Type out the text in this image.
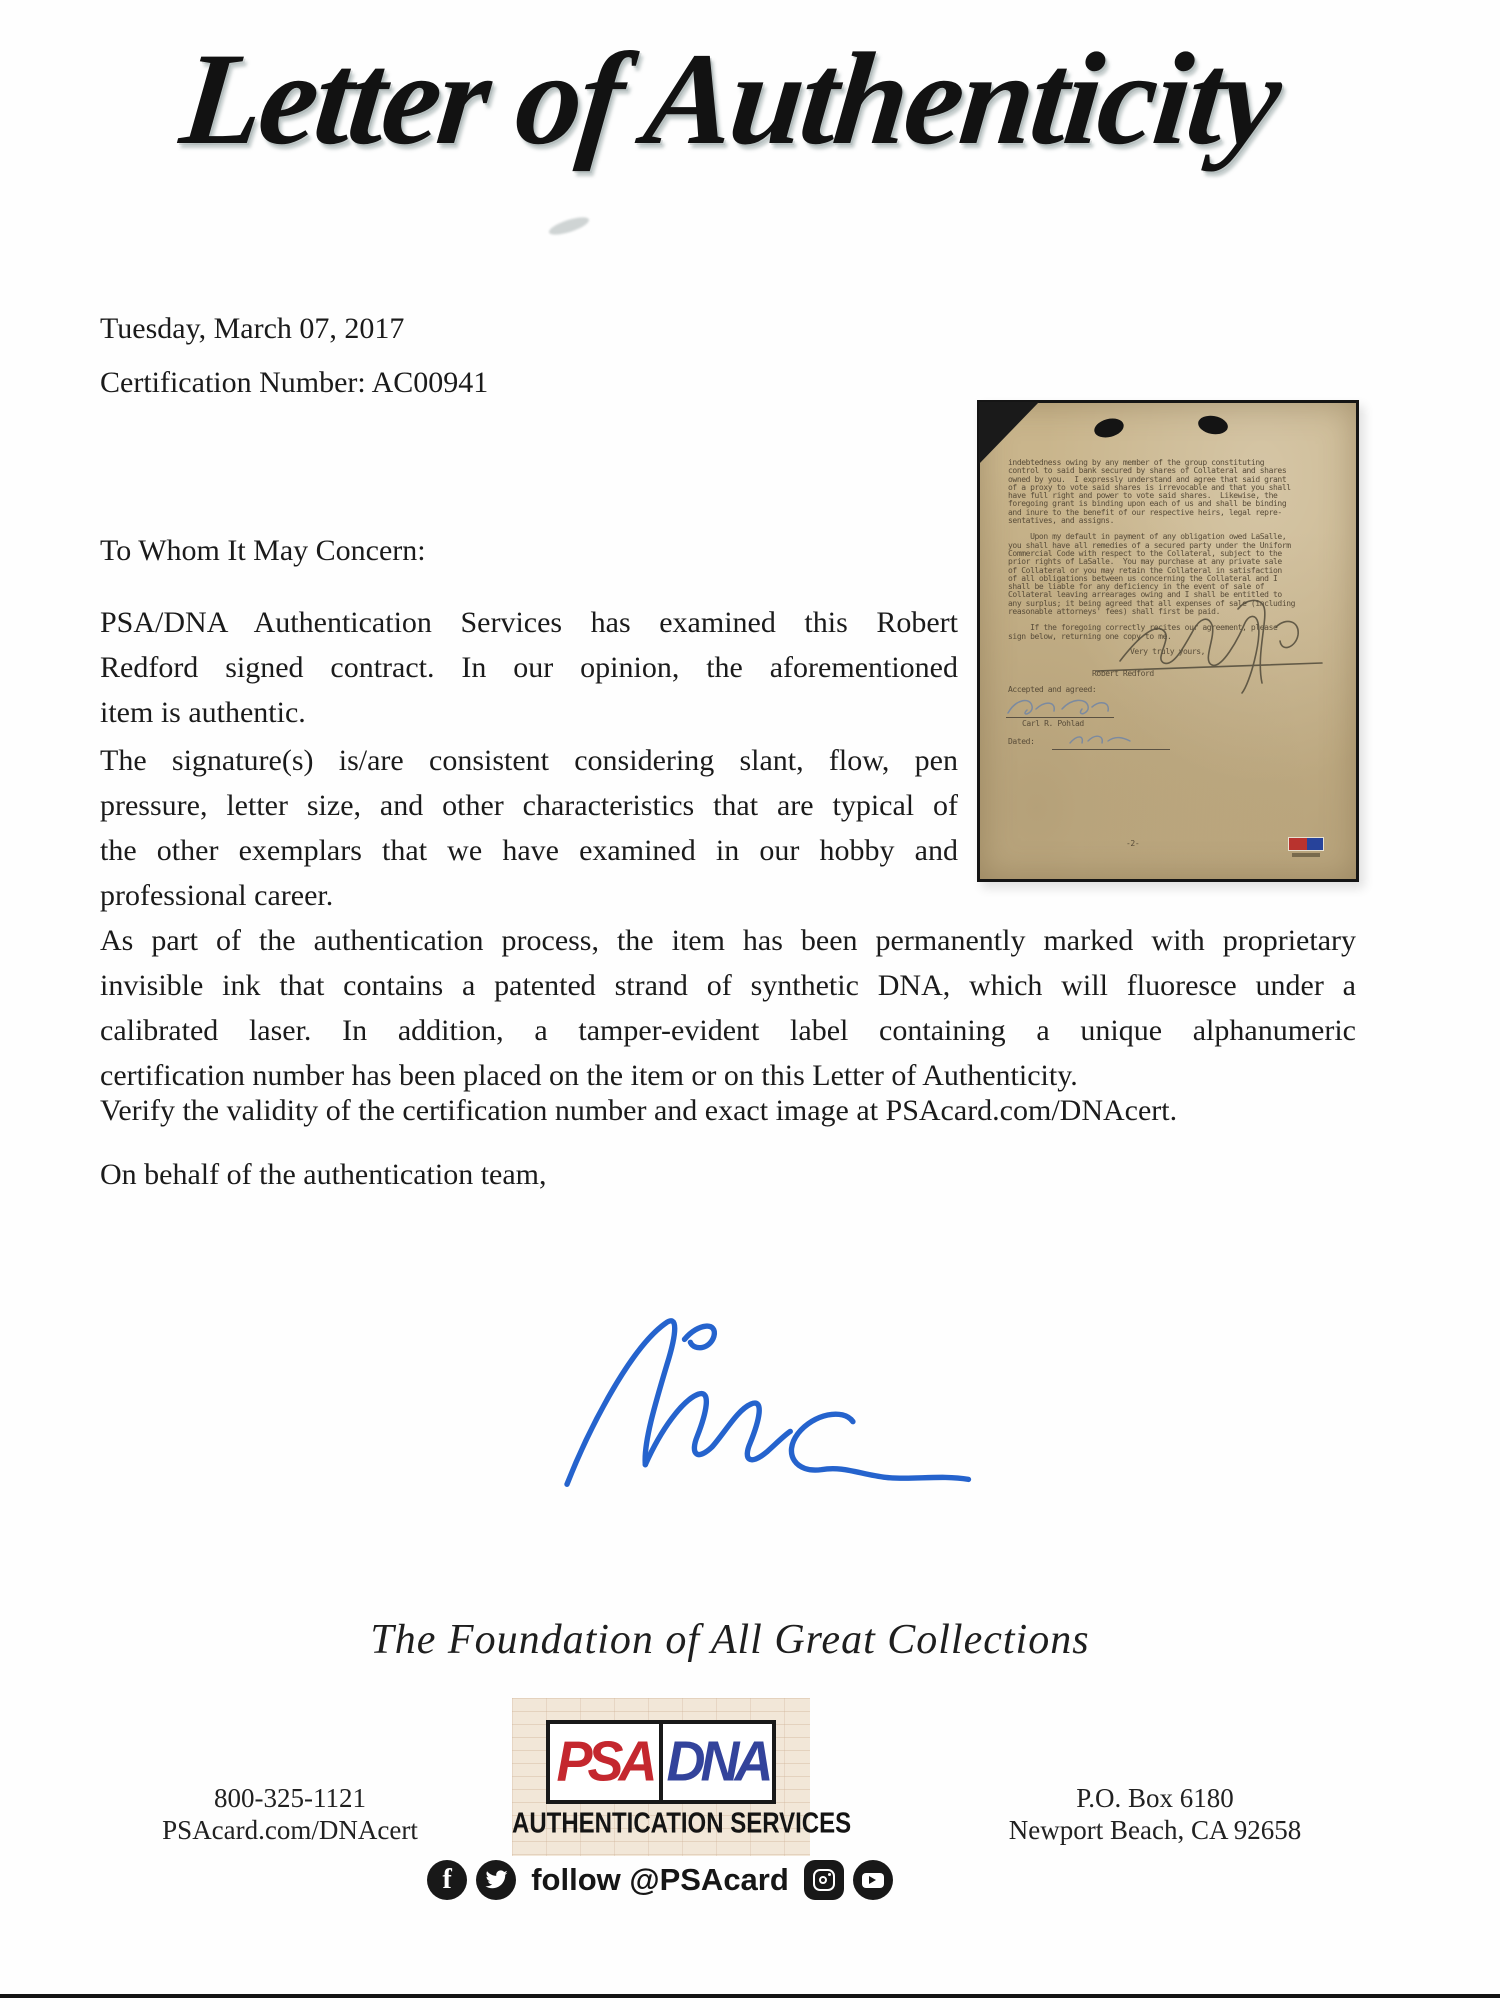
Letter of Authenticity
Tuesday, March 07, 2017
Certification Number: AC00941
To Whom It May Concern:
PSA/DNA Authentication Services has examined this Robert
Redford signed contract. In our opinion, the aforementioned
item is authentic.
The signature(s) is/are consistent considering slant, flow, pen
pressure, letter size, and other characteristics that are typical of
the other exemplars that we have examined in our hobby and
professional career.
As part of the authentication process, the item has been permanently marked with proprietary
invisible ink that contains a patented strand of synthetic DNA, which will fluoresce under a
calibrated laser. In addition, a tamper-evident label containing a unique alphanumeric
certification number has been placed on the item or on this Letter of Authenticity.
Verify the validity of the certification number and exact image at PSAcard.com/DNAcert.
On behalf of the authentication team,
indebtedness owing by any member of the group constituting
control to said bank secured by shares of Collateral and shares
owned by you.  I expressly understand and agree that said grant
of a proxy to vote said shares is irrevocable and that you shall
have full right and power to vote said shares.  Likewise, the
foregoing grant is binding upon each of us and shall be binding
and inure to the benefit of our respective heirs, legal repre-
sentatives, and assigns.
Upon my default in payment of any obligation owed LaSalle,
you shall have all remedies of a secured party under the Uniform
Commercial Code with respect to the Collateral, subject to the
prior rights of LaSalle.  You may purchase at any private sale
of Collateral or you may retain the Collateral in satisfaction
of all obligations between us concerning the Collateral and I
shall be liable for any deficiency in the event of sale of
Collateral leaving arrearages owing and I shall be entitled to
any surplus; it being agreed that all expenses of sale (including
reasonable attorneys' fees) shall first be paid.
If the foregoing correctly recites our agreement, please
sign below, returning one copy to me.
Very truly yours,
Robert Redford
Accepted and agreed:
Carl R. Pohlad
Dated:
-2-
The Foundation of All Great Collections
PSA DNA
AUTHENTICATION SERVICES
f	follow @PSAcard
800-325-1121
PSAcard.com/DNAcert
P.O. Box 6180
Newport Beach, CA 92658
